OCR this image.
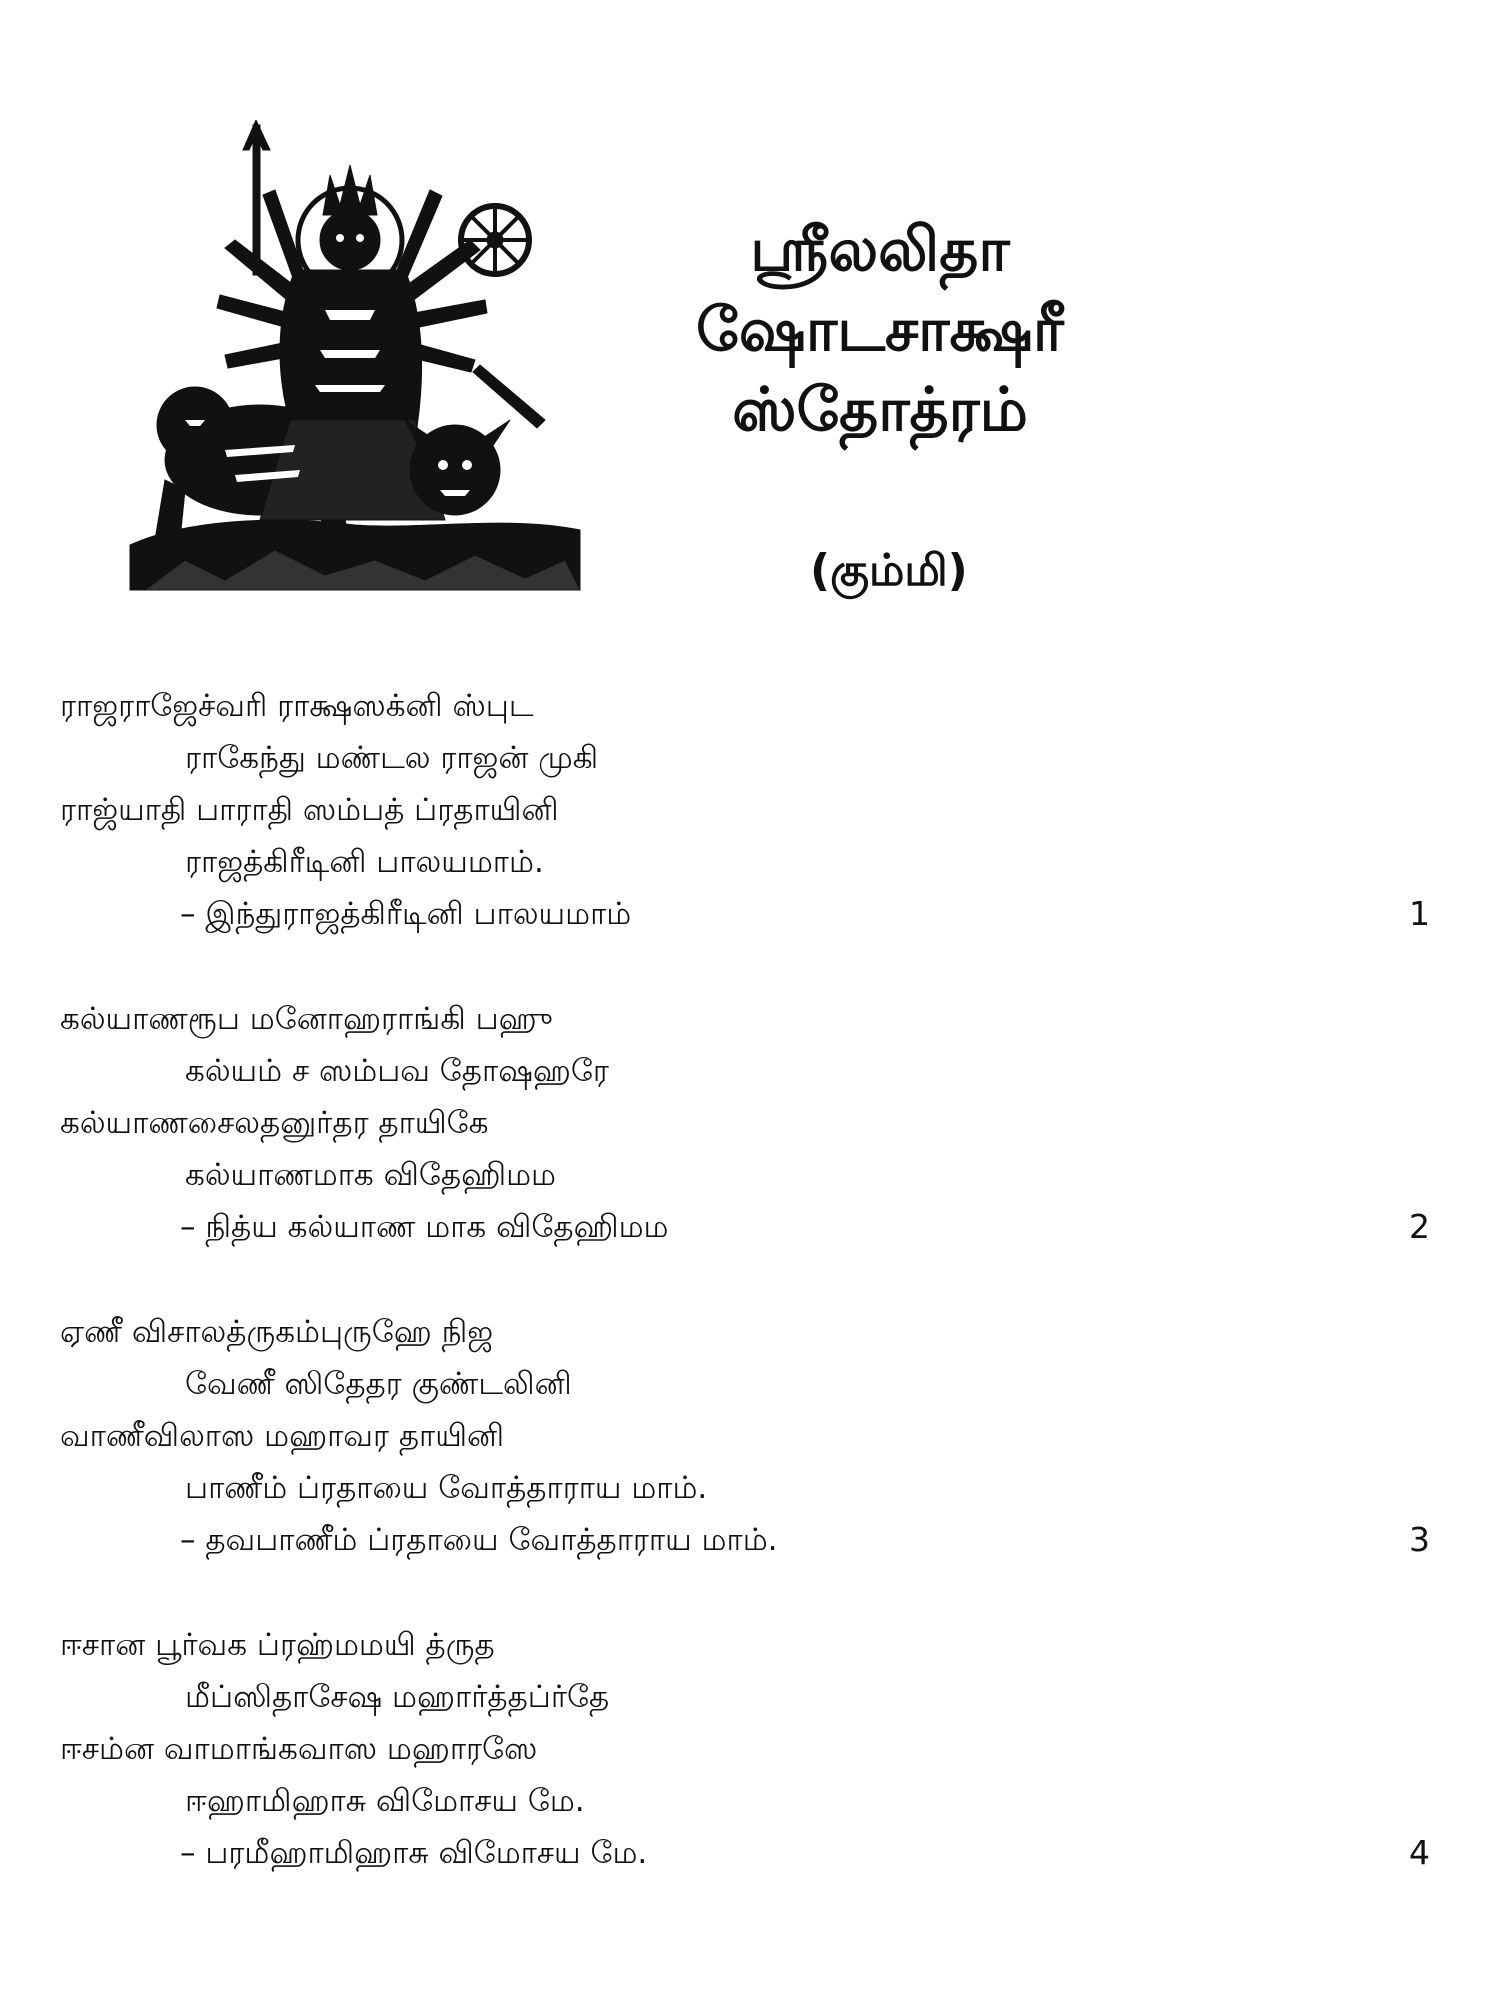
ஸ்ரீலலிதா
ஷோடசாக்ஷரீ
ஸ்தோத்ரம்
(கும்மி)
ராஜராஜேச்வரி ராக்ஷஸக்னி ஸ்புட
ராகேந்து மண்டல ராஜன் முகி
ராஜ்யாதி பாராதி ஸம்பத் ப்ரதாயினி
ராஜத்கிரீடினி பாலயமாம்.
– இந்துராஜத்கிரீடினி பாலயமாம்	1
கல்யாணரூப மனோஹராங்கி பஹு
கல்யம் ச ஸம்பவ தோஷஹரே
கல்யாணசைலதனுர்தர தாயிகே
கல்யாணமாக விதேஹிமம
– நித்ய கல்யாண மாக விதேஹிமம	2
ஏணீ விசாலத்ருகம்புருஹே நிஜ
வேணீ ஸிதேதர குண்டலினி
வாணீவிலாஸ மஹாவர தாயினி
பாணீம் ப்ரதாயை வோத்தாராய மாம்.
– தவபாணீம் ப்ரதாயை வோத்தாராய மாம்.	3
ஈசான பூர்வக ப்ரஹ்மமயி த்ருத
மீப்ஸிதாசேஷ மஹார்த்தப்ர்தே
ஈசம்ன வாமாங்கவாஸ மஹாரஸே
ஈஹாமிஹாசு விமோசய மே.
– பரமீஹாமிஹாசு விமோசய மே.	4
